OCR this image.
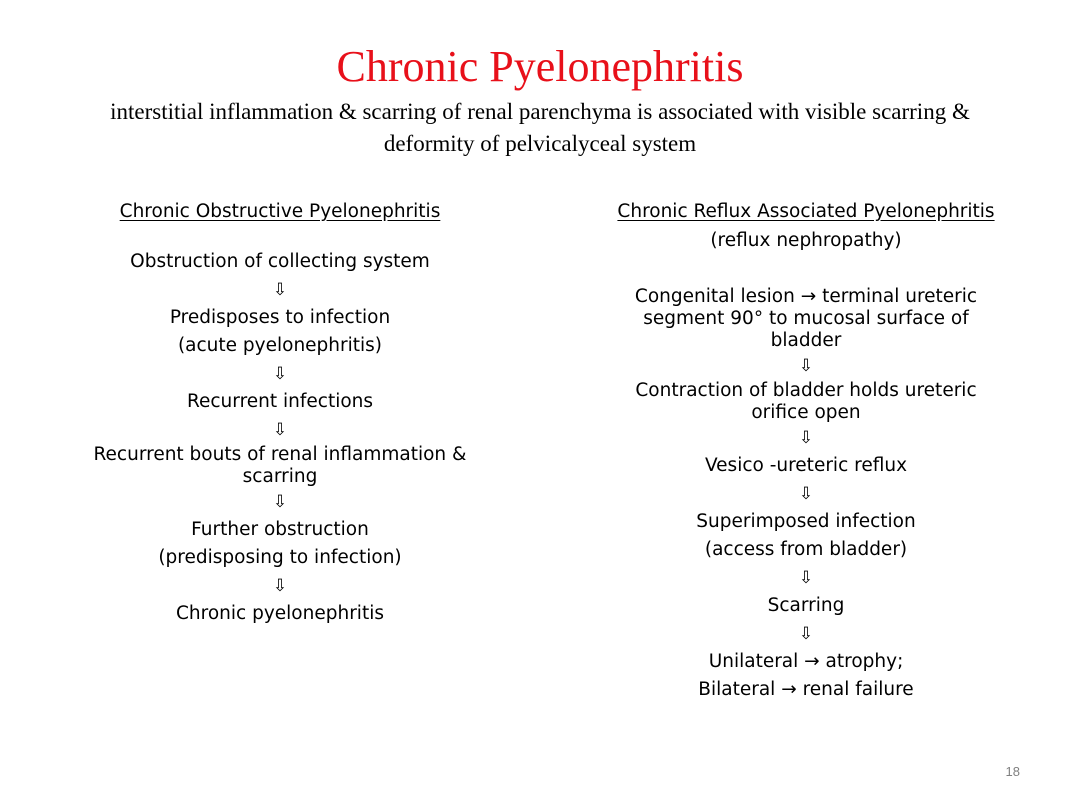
Chronic Pyelonephritis
interstitial inflammation & scarring of renal parenchyma is associated with visible scarring & deformity of pelvicalyceal system
Chronic Obstructive Pyelonephritis
Obstruction of collecting system
⇩
Predisposes to infection
(acute pyelonephritis)
⇩
Recurrent infections
⇩
Recurrent bouts of renal inflammation &
scarring
⇩
Further obstruction
(predisposing to infection)
⇩
Chronic pyelonephritis
Chronic Reflux Associated Pyelonephritis
(reflux nephropathy)
Congenital lesion → terminal ureteric
segment 90° to mucosal surface of
bladder
⇩
Contraction of bladder holds ureteric
orifice open
⇩
Vesico -ureteric reflux
⇩
Superimposed infection
(access from bladder)
⇩
Scarring
⇩
Unilateral → atrophy;
Bilateral → renal failure
18
